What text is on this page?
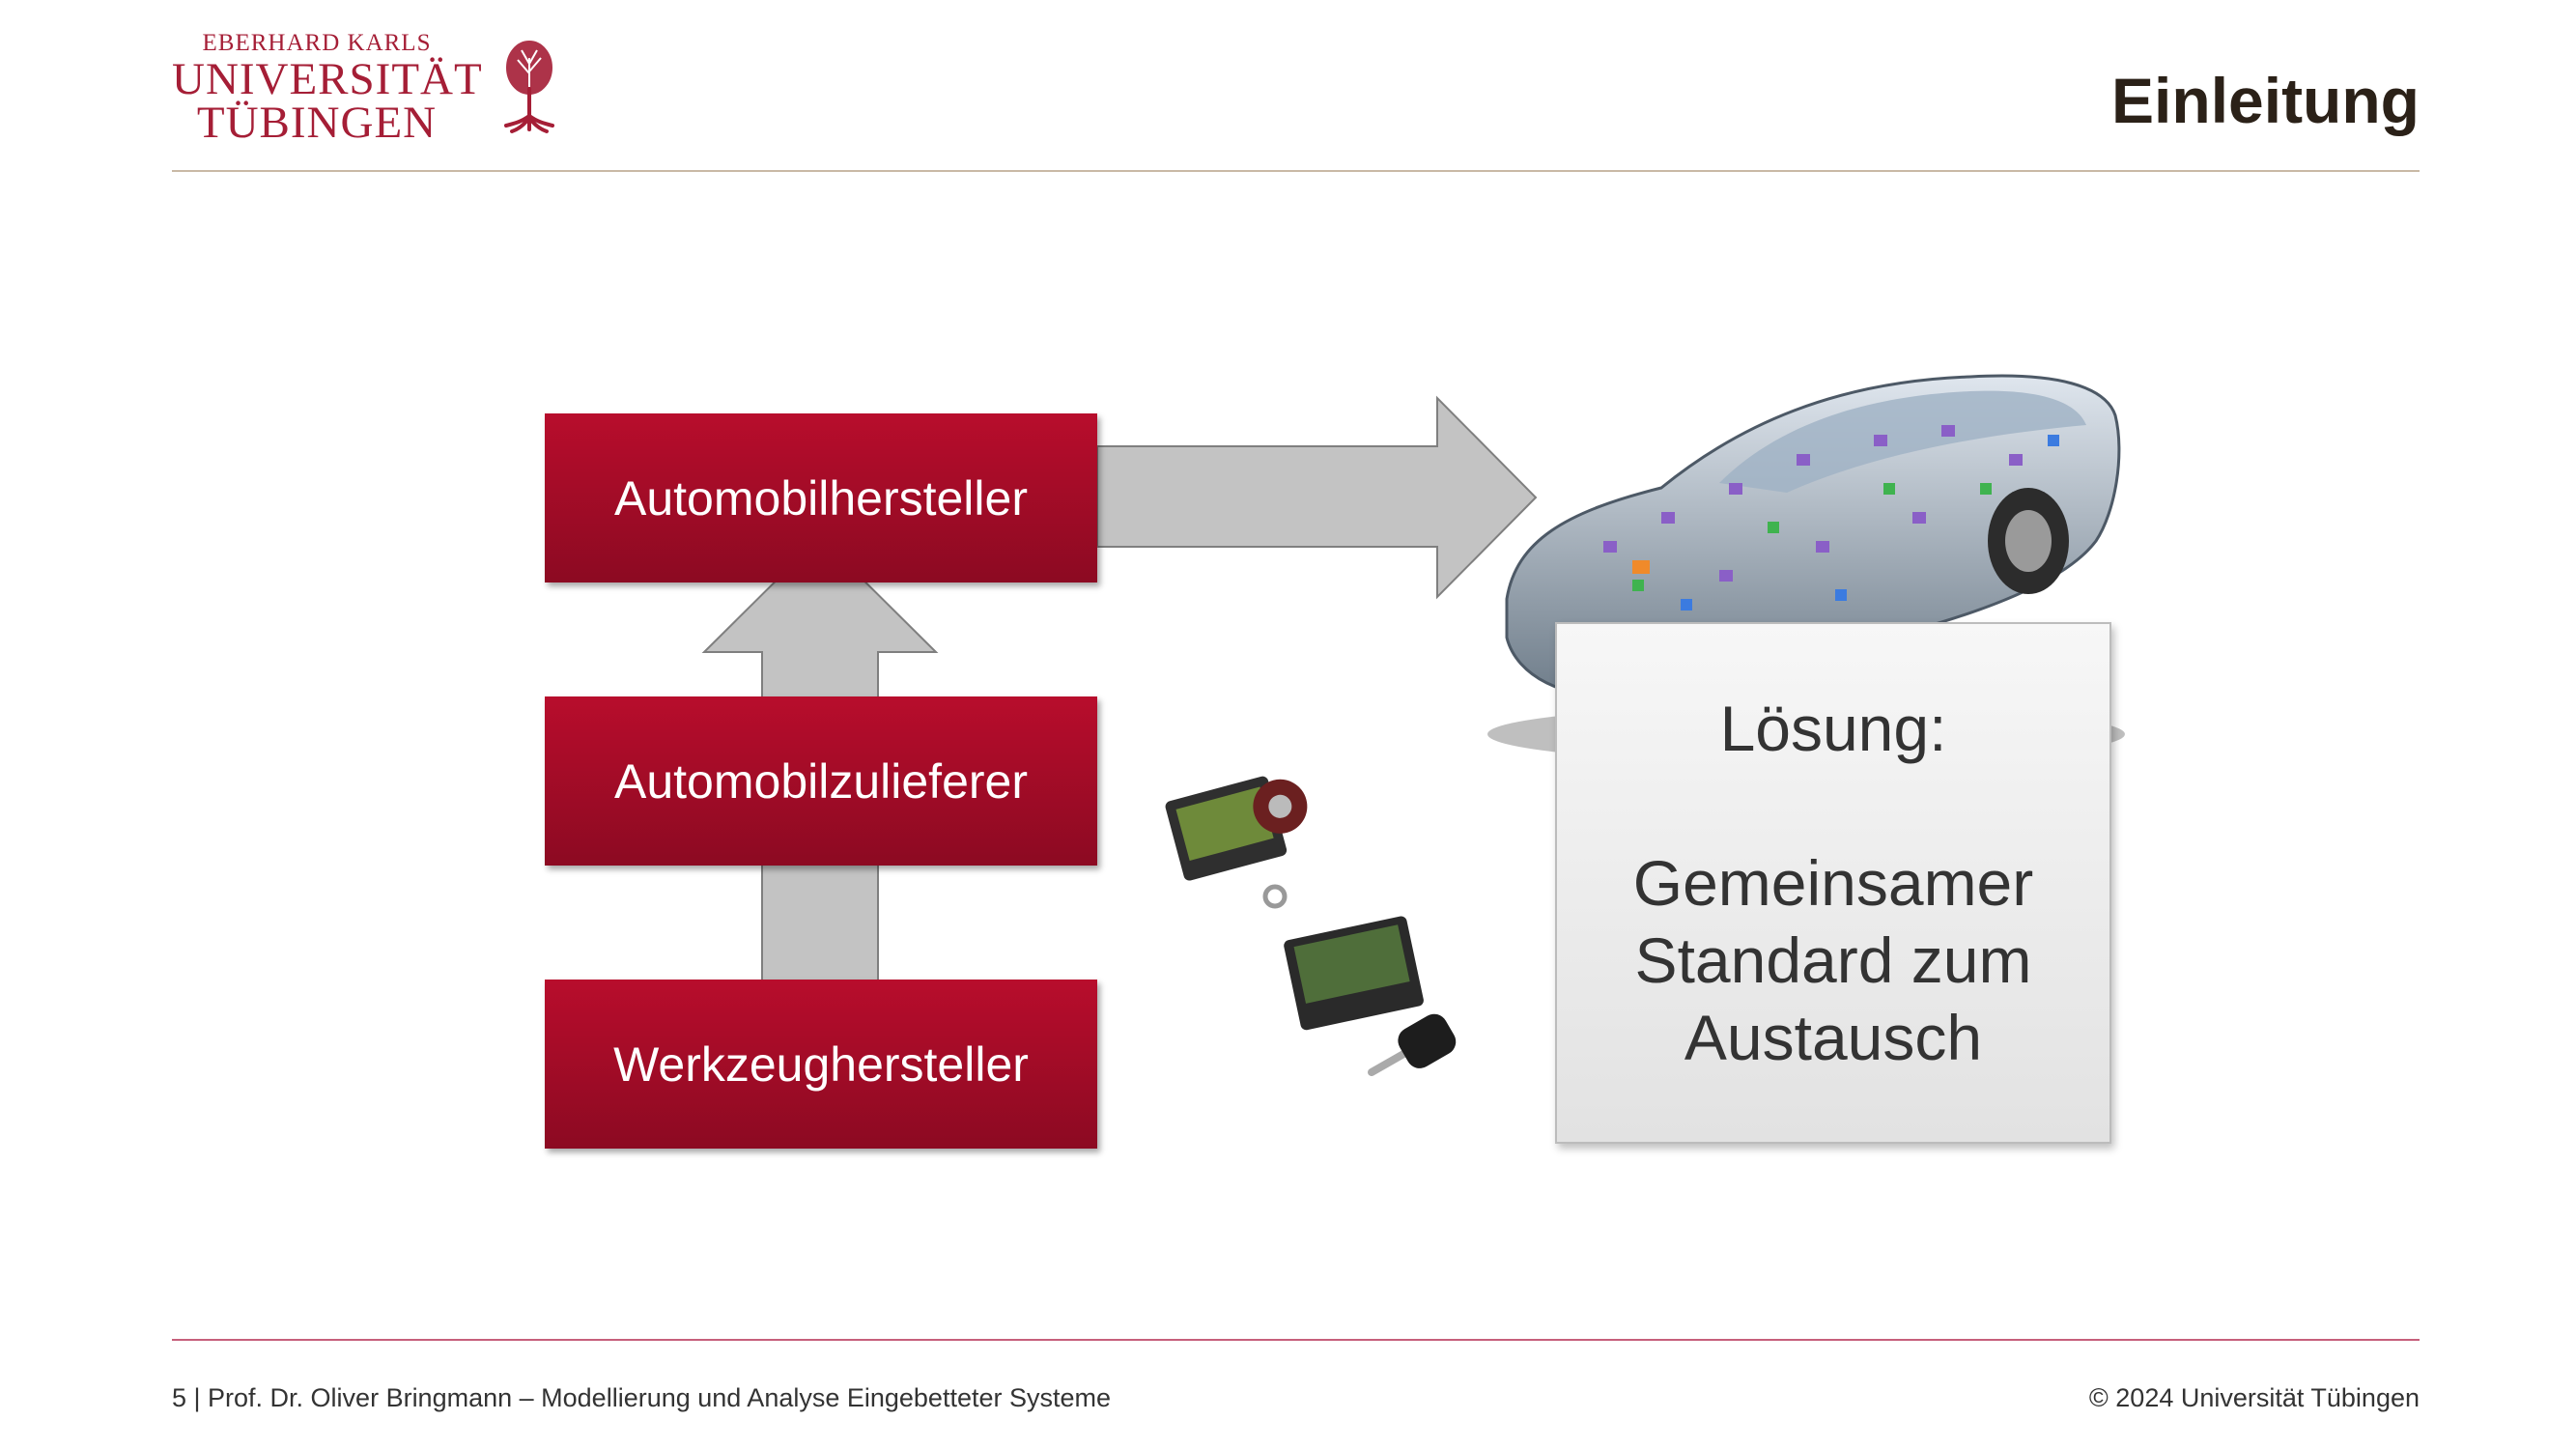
EBERHARD KARLS
UNIVERSITÄT
TÜBINGEN	Einleitung
Automobilhersteller
Automobilzulieferer
Werkzeughersteller
Lösung:
Gemeinsamer
Standard zum
Austausch
5 | Prof. Dr. Oliver Bringmann – Modellierung und Analyse Eingebetteter Systeme	© 2024 Universität Tübingen
